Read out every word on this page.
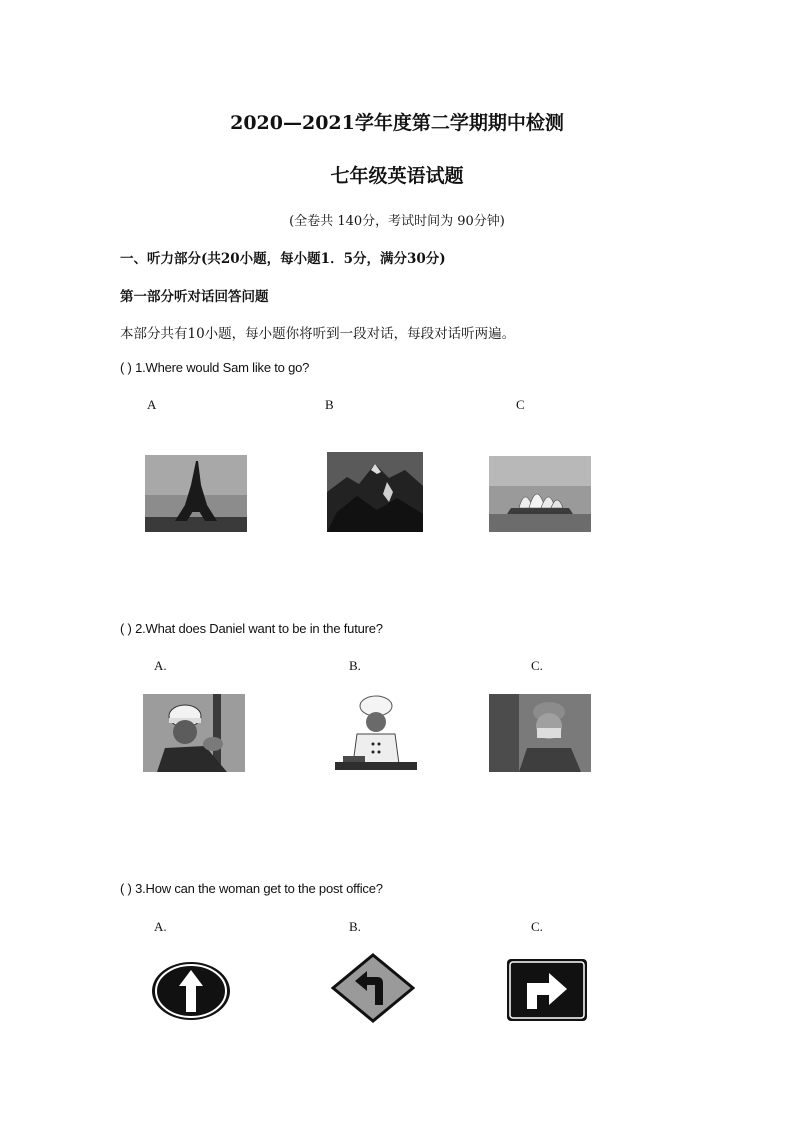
2020—2021学年度第二学期期中检测
七年级英语试题
(全卷共 140分，考试时间为 90分钟)
一、听力部分(共20小题，每小题1．5分，满分30分)
第一部分听对话回答问题
本部分共有10小题，每小题你将听到一段对话，每段对话听两遍。
( ) 1.Where would Sam like to go?
A	B	C
( ) 2.What does Daniel want to be in the future?
A.	B.	C.
( ) 3.How can the woman get to the post office?
A.	B.	C.
